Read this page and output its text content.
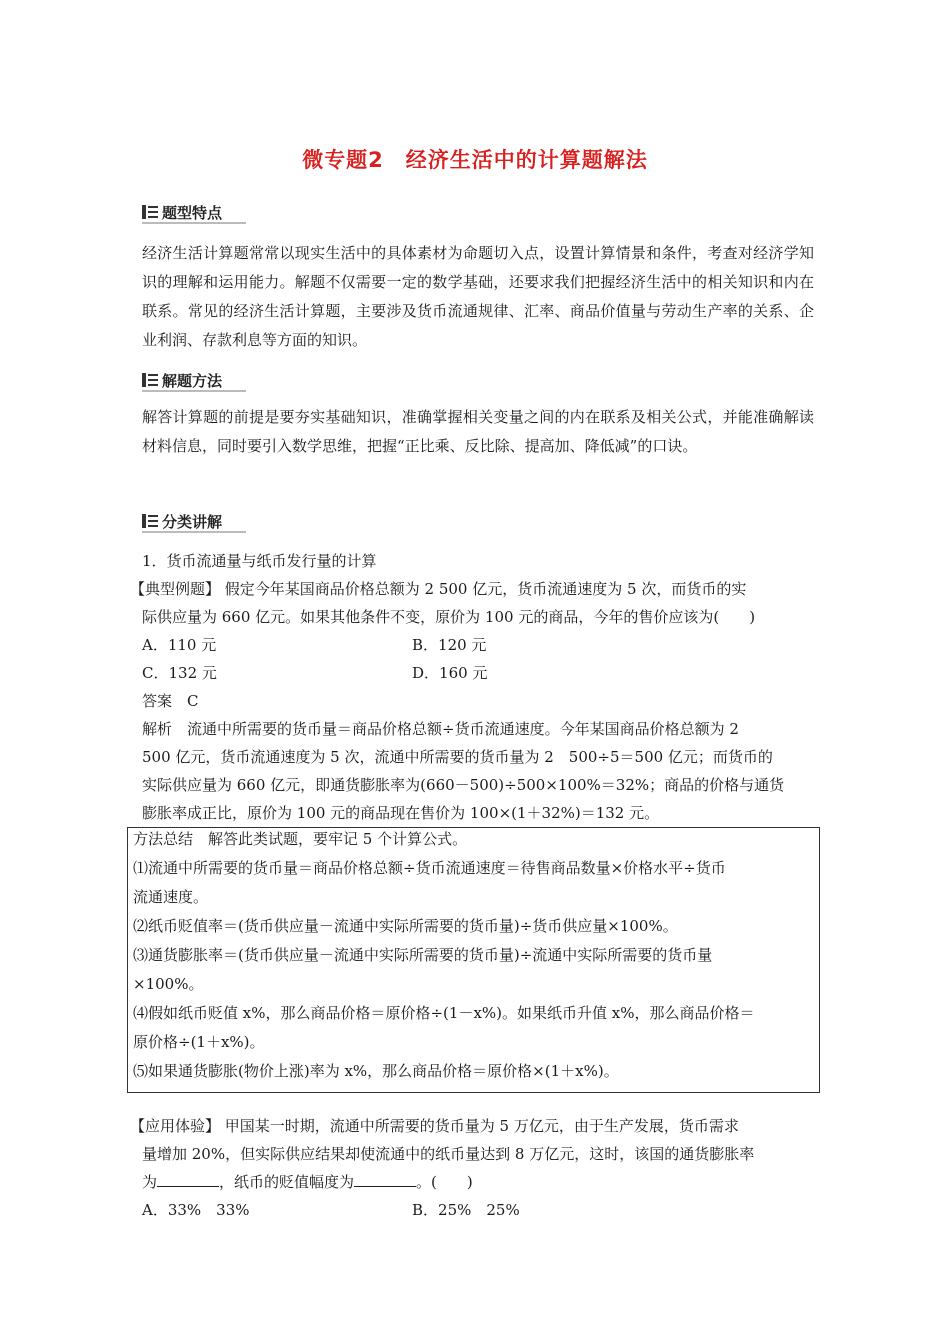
微专题2　经济生活中的计算题解法
题型特点
经济生活计算题常常以现实生活中的具体素材为命题切入点，设置计算情景和条件，考查对经济学知识的理解和运用能力。解题不仅需要一定的数学基础，还要求我们把握经济生活中的相关知识和内在联系。常见的经济生活计算题，主要涉及货币流通规律、汇率、商品价值量与劳动生产率的关系、企业利润、存款利息等方面的知识。
解题方法
解答计算题的前提是要夯实基础知识，准确掌握相关变量之间的内在联系及相关公式，并能准确解读材料信息，同时要引入数学思维，把握“正比乘、反比除、提高加、降低减”的口诀。
分类讲解
1．货币流通量与纸币发行量的计算
【典型例题】 假定今年某国商品价格总额为 2 500 亿元，货币流通速度为 5 次，而货币的实
际供应量为 660 亿元。如果其他条件不变，原价为 100 元的商品，今年的售价应该为(　　)
A．110 元	B．120 元
C．132 元	D．160 元
答案　C
解析　流通中所需要的货币量＝商品价格总额÷货币流通速度。今年某国商品价格总额为 2
500 亿元，货币流通速度为 5 次，流通中所需要的货币量为 2　500÷5＝500 亿元；而货币的
实际供应量为 660 亿元，即通货膨胀率为(660－500)÷500×100%＝32%；商品的价格与通货
膨胀率成正比，原价为 100 元的商品现在售价为 100×(1＋32%)＝132 元。
方法总结　解答此类试题，要牢记 5 个计算公式。
⑴流通中所需要的货币量＝商品价格总额÷货币流通速度＝待售商品数量×价格水平÷货币
流通速度。
⑵纸币贬值率＝(货币供应量－流通中实际所需要的货币量)÷货币供应量×100%。
⑶通货膨胀率＝(货币供应量－流通中实际所需要的货币量)÷流通中实际所需要的货币量
×100%。
⑷假如纸币贬值 x%，那么商品价格＝原价格÷(1－x%)。如果纸币升值 x%，那么商品价格＝
原价格÷(1＋x%)。
⑸如果通货膨胀(物价上涨)率为 x%，那么商品价格＝原价格×(1＋x%)。
【应用体验】 甲国某一时期，流通中所需要的货币量为 5 万亿元，由于生产发展，货币需求
量增加 20%，但实际供应结果却使流通中的纸币量达到 8 万亿元，这时，该国的通货膨胀率
为	，纸币的贬值幅度为	。(　　)
A．33%　33%	B．25%　25%
